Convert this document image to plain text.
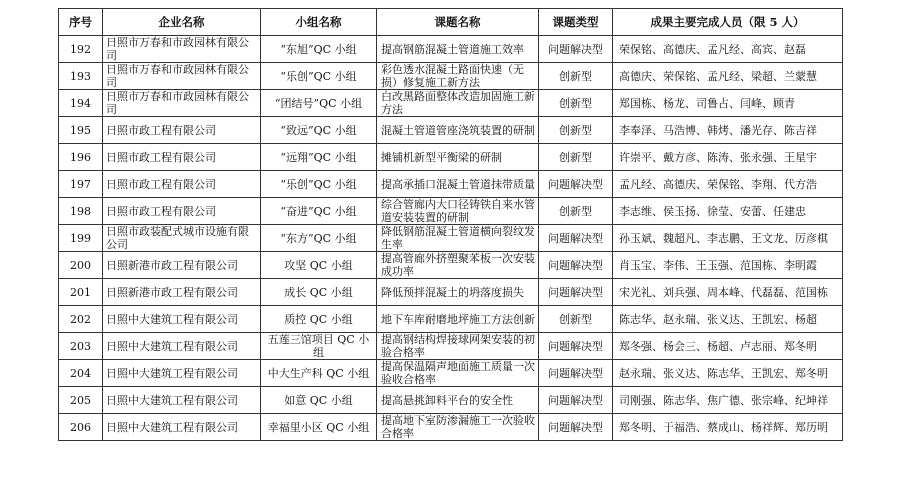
序号	企业名称	小组名称	课题名称	课题类型	成果主要完成人员（限 5 人）
192	日照市万春和市政园林有限公司	“东旭”QC 小组	提高钢筋混凝土管道施工效率	问题解决型	荣保铭、高德庆、孟凡经、高宾、赵磊
193	日照市万春和市政园林有限公司	“乐创”QC 小组	彩色透水混凝土路面快速（无损）修复施工新方法	创新型	高德庆、荣保铭、孟凡经、梁超、兰蒙慧
194	日照市万春和市政园林有限公司	“团结号”QC 小组	白改黑路面整体改造加固施工新方法	创新型	郑国栋、杨龙、司鲁占、闫峰、顾青
195	日照市政工程有限公司	“致远”QC 小组	混凝土管道管座浇筑装置的研制	创新型	李奉泽、马浩博、韩烤、潘光存、陈吉祥
196	日照市政工程有限公司	“远翔”QC 小组	摊铺机新型平衡梁的研制	创新型	许崇平、戴方彦、陈涛、张永强、王星宇
197	日照市政工程有限公司	“乐创”QC 小组	提高承插口混凝土管道抹带质量	问题解决型	孟凡经、高德庆、荣保铭、李翔、代方浩
198	日照市政工程有限公司	“奋进”QC 小组	综合管廊内大口径铸铁自来水管道安装装置的研制	创新型	李志维、侯玉扬、徐莹、安蕾、任建忠
199	日照市政装配式城市设施有限公司	“东方”QC 小组	降低钢筋混凝土管道横向裂纹发生率	问题解决型	孙玉斌、魏超凡、李志鹏、王文龙、厉彦棋
200	日照新港市政工程有限公司	攻坚 QC 小组	提高管廊外挤塑聚苯板一次安装成功率	问题解决型	肖玉宝、李伟、王玉强、范国栋、李明霞
201	日照新港市政工程有限公司	成长 QC 小组	降低预拌混凝土的坍落度损失	问题解决型	宋光礼、刘兵强、周本峰、代磊磊、范国栋
202	日照中大建筑工程有限公司	质控 QC 小组	地下车库耐磨地坪施工方法创新	创新型	陈志华、赵永瑞、张义达、王凯宏、杨超
203	日照中大建筑工程有限公司	五莲三馆项目 QC 小组	提高钢结构焊接球网架安装的初验合格率	问题解决型	郑冬强、杨会三、杨超、卢志丽、郑冬明
204	日照中大建筑工程有限公司	中大生产科 QC 小组	提高保温隔声地面施工质量一次验收合格率	问题解决型	赵永瑞、张义达、陈志华、王凯宏、郑冬明
205	日照中大建筑工程有限公司	如意 QC 小组	提高悬挑卸料平台的安全性	问题解决型	司刚强、陈志华、焦广德、张宗峰、纪坤祥
206	日照中大建筑工程有限公司	幸福里小区 QC 小组	提高地下室防渗漏施工一次验收合格率	问题解决型	郑冬明、于福浩、蔡成山、杨祥辉、郑历明
